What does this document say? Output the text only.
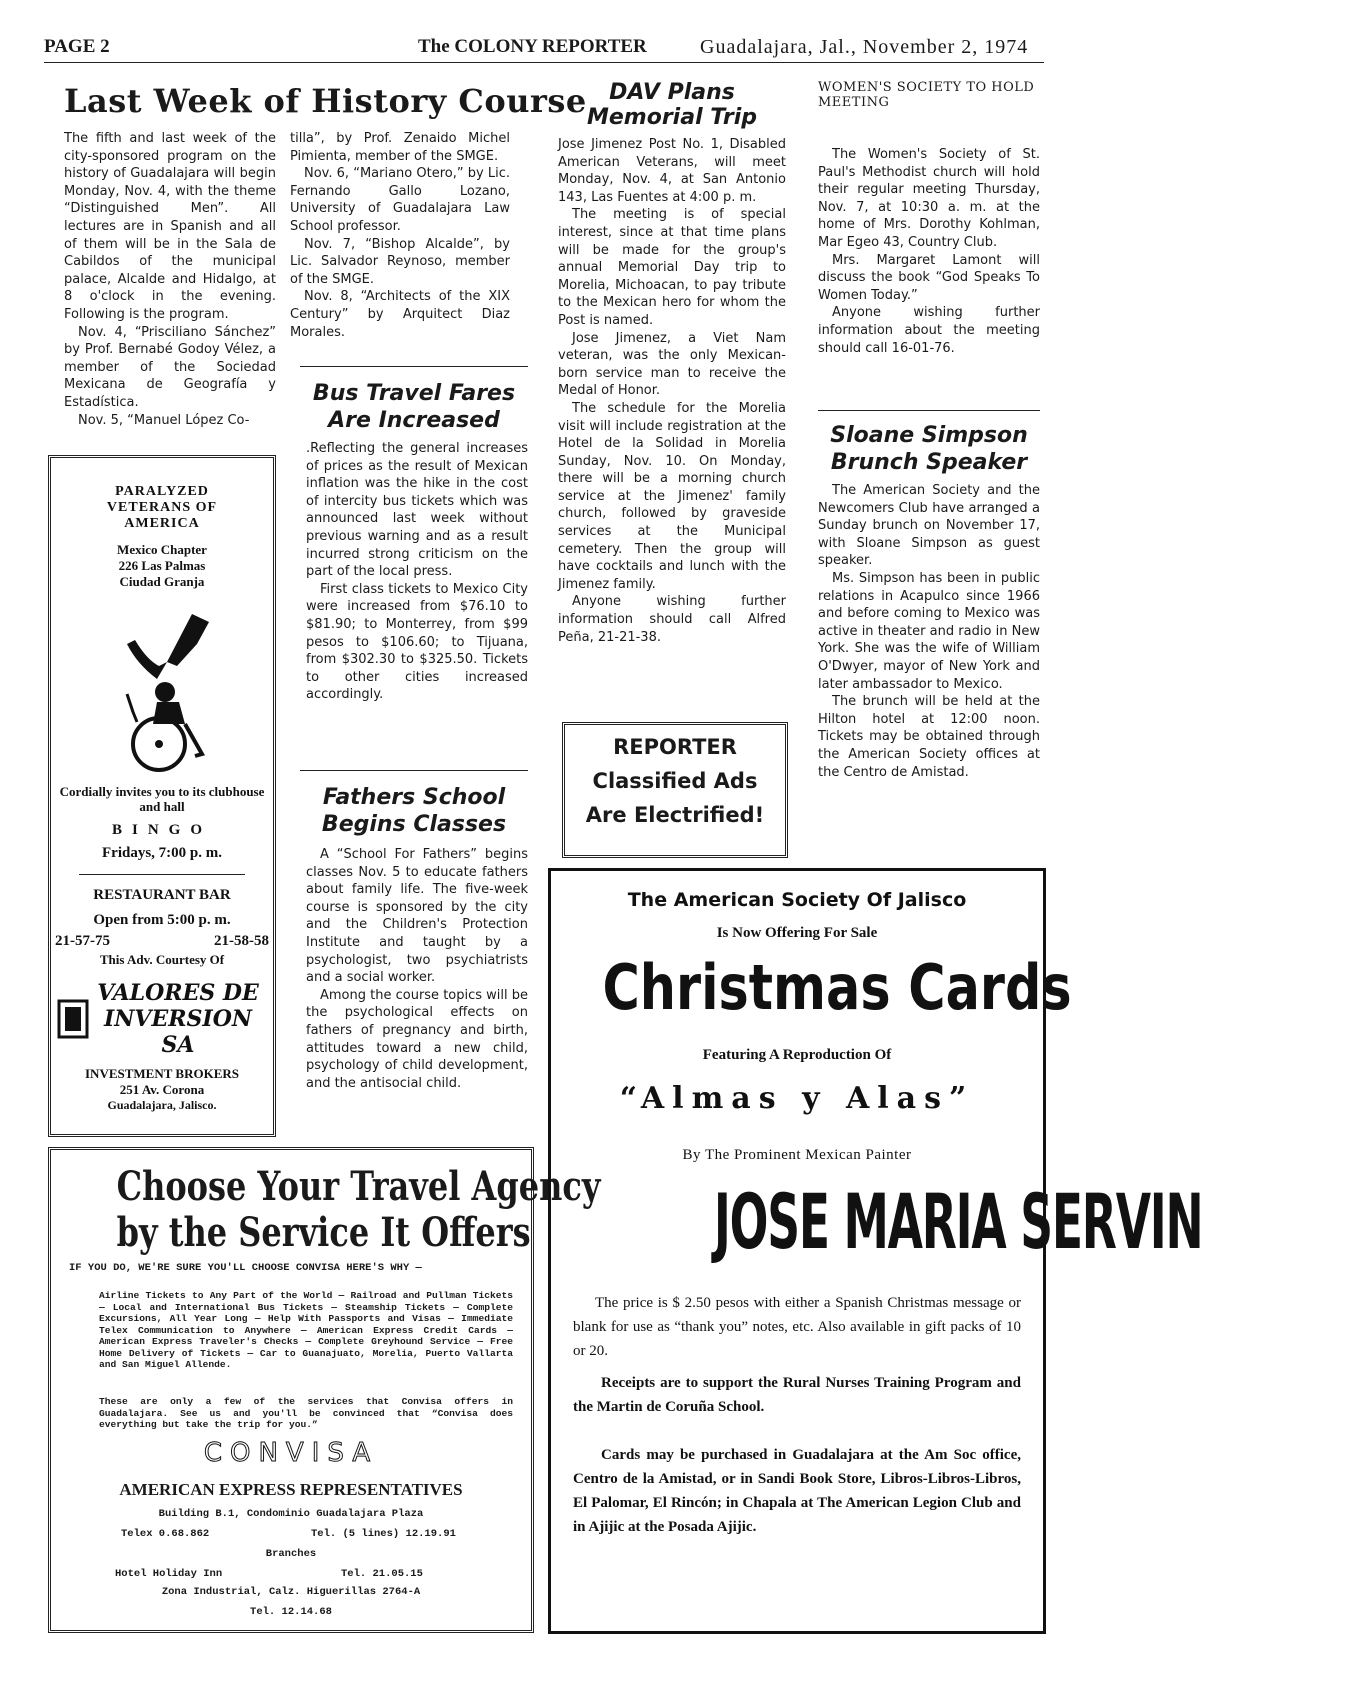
PAGE 2	The COLONY REPORTER	Guadalajara, Jal., November 2, 1974
Last Week of History Course

The fifth and last week of the city-sponsored program on the history of Guadalajara will begin Monday, Nov. 4, with the theme “Distinguished Men”. All lectures are in Spanish and all of them will be in the Sala de Cabildos of the municipal palace, Alcalde and Hidalgo, at 8 o'clock in the evening. Following is the program.

Nov. 4, “Prisciliano Sánchez” by Prof. Bernabé Godoy Vélez, a member of the Sociedad Mexicana de Geografía y Estadística.

Nov. 5, “Manuel López Co-

tilla”, by Prof. Zenaido Michel Pimienta, member of the SMGE.

Nov. 6, “Mariano Otero,” by Lic. Fernando Gallo Lozano, University of Guadalajara Law School professor.

Nov. 7, “Bishop Alcalde”, by Lic. Salvador Reynoso, member of the SMGE.

Nov. 8, “Architects of the XIX Century” by Arquitect Diaz Morales.

PARALYZED VETERANS OF AMERICA
Mexico Chapter
226 Las Palmas
Ciudad Granja
Cordially invites you to its clubhouse and hall
BINGO
Fridays, 7:00 p. m.
RESTAURANT BAR
Open from 5:00 p. m.
21-57-75	21-58-58
This Adv. Courtesy Of
VALORES DE
INVERSION SA
INVESTMENT BROKERS
251 Av. Corona
Guadalajara, Jalisco.
Bus Travel Fares Are Increased

.Reflecting the general increases of prices as the result of Mexican inflation was the hike in the cost of intercity bus tickets which was announced last week without previous warning and as a result incurred strong criticism on the part of the local press.

First class tickets to Mexico City were increased from $76.10 to $81.90; to Monterrey, from $99 pesos to $106.60; to Tijuana, from $302.30 to $325.50. Tickets to other cities increased accordingly.

Fathers School Begins Classes

A “School For Fathers” begins classes Nov. 5 to educate fathers about family life. The five-week course is sponsored by the city and the Children's Protection Institute and taught by a psychologist, two psychiatrists and a social worker.

Among the course topics will be the psychological effects on fathers of pregnancy and birth, attitudes toward a new child, psychology of child development, and the antisocial child.

DAV Plans Memorial Trip

Jose Jimenez Post No. 1, Disabled American Veterans, will meet Monday, Nov. 4, at San Antonio 143, Las Fuentes at 4:00 p. m.

The meeting is of special interest, since at that time plans will be made for the group's annual Memorial Day trip to Morelia, Michoacan, to pay tribute to the Mexican hero for whom the Post is named.

Jose Jimenez, a Viet Nam veteran, was the only Mexican-born service man to receive the Medal of Honor.

The schedule for the Morelia visit will include registration at the Hotel de la Solidad in Morelia Sunday, Nov. 10. On Monday, there will be a morning church service at the Jimenez' family church, followed by graveside services at the Municipal cemetery. Then the group will have cocktails and lunch with the Jimenez family.

Anyone wishing further information should call Alfred Peña, 21-21-38.

REPORTER
Classified Ads
Are Electrified!
WOMEN'S SOCIETY TO HOLD MEETING

The Women's Society of St. Paul's Methodist church will hold their regular meeting Thursday, Nov. 7, at 10:30 a. m. at the home of Mrs. Dorothy Kohlman, Mar Egeo 43, Country Club.

Mrs. Margaret Lamont will discuss the book “God Speaks To Women Today.”

Anyone wishing further information about the meeting should call 16-01-76.

Sloane Simpson Brunch Speaker

The American Society and the Newcomers Club have arranged a Sunday brunch on November 17, with Sloane Simpson as guest speaker.

Ms. Simpson has been in public relations in Acapulco since 1966 and before coming to Mexico was active in theater and radio in New York. She was the wife of William O'Dwyer, mayor of New York and later ambassador to Mexico.

The brunch will be held at the Hilton hotel at 12:00 noon. Tickets may be obtained through the American Society offices at the Centro de Amistad.

Choose Your Travel Agency
by the Service It Offers
IF YOU DO, WE'RE SURE YOU'LL CHOOSE CONVISA HERE'S WHY —
Airline Tickets to Any Part of the World — Railroad and Pullman Tickets — Local and International Bus Tickets — Steamship Tickets — Complete Excursions, All Year Long — Help With Passports and Visas — Immediate Telex Communication to Anywhere — American Express Credit Cards — American Express Traveler's Checks — Complete Greyhound Service — Free Home Delivery of Tickets — Car to Guanajuato, Morelia, Puerto Vallarta and San Miguel Allende.
These are only a few of the services that Convisa offers in Guadalajara. See us and you'll be convinced that “Convisa does everything but take the trip for you.”
CONVISA
AMERICAN EXPRESS REPRESENTATIVES
Building B.1, Condominio Guadalajara Plaza
Telex 0.68.862	Tel. (5 lines) 12.19.91
Branches
Hotel Holiday Inn	Tel. 21.05.15
Zona Industrial, Calz. Higuerillas 2764-A
Tel. 12.14.68
The American Society Of Jalisco
Is Now Offering For Sale
Christmas Cards
Featuring A Reproduction Of
“Almas y Alas”
By The Prominent Mexican Painter
JOSE MARIA SERVIN
The price is $ 2.50 pesos with either a Spanish Christmas message or blank for use as “thank you” notes, etc. Also available in gift packs of 10 or 20.
Receipts are to support the Rural Nurses Training Program and the Martin de Coruña School.
Cards may be purchased in Guadalajara at the Am Soc office, Centro de la Amistad, or in Sandi Book Store, Libros-Libros-Libros, El Palomar, El Rincón; in Chapala at The American Legion Club and in Ajijic at the Posada Ajijic.
